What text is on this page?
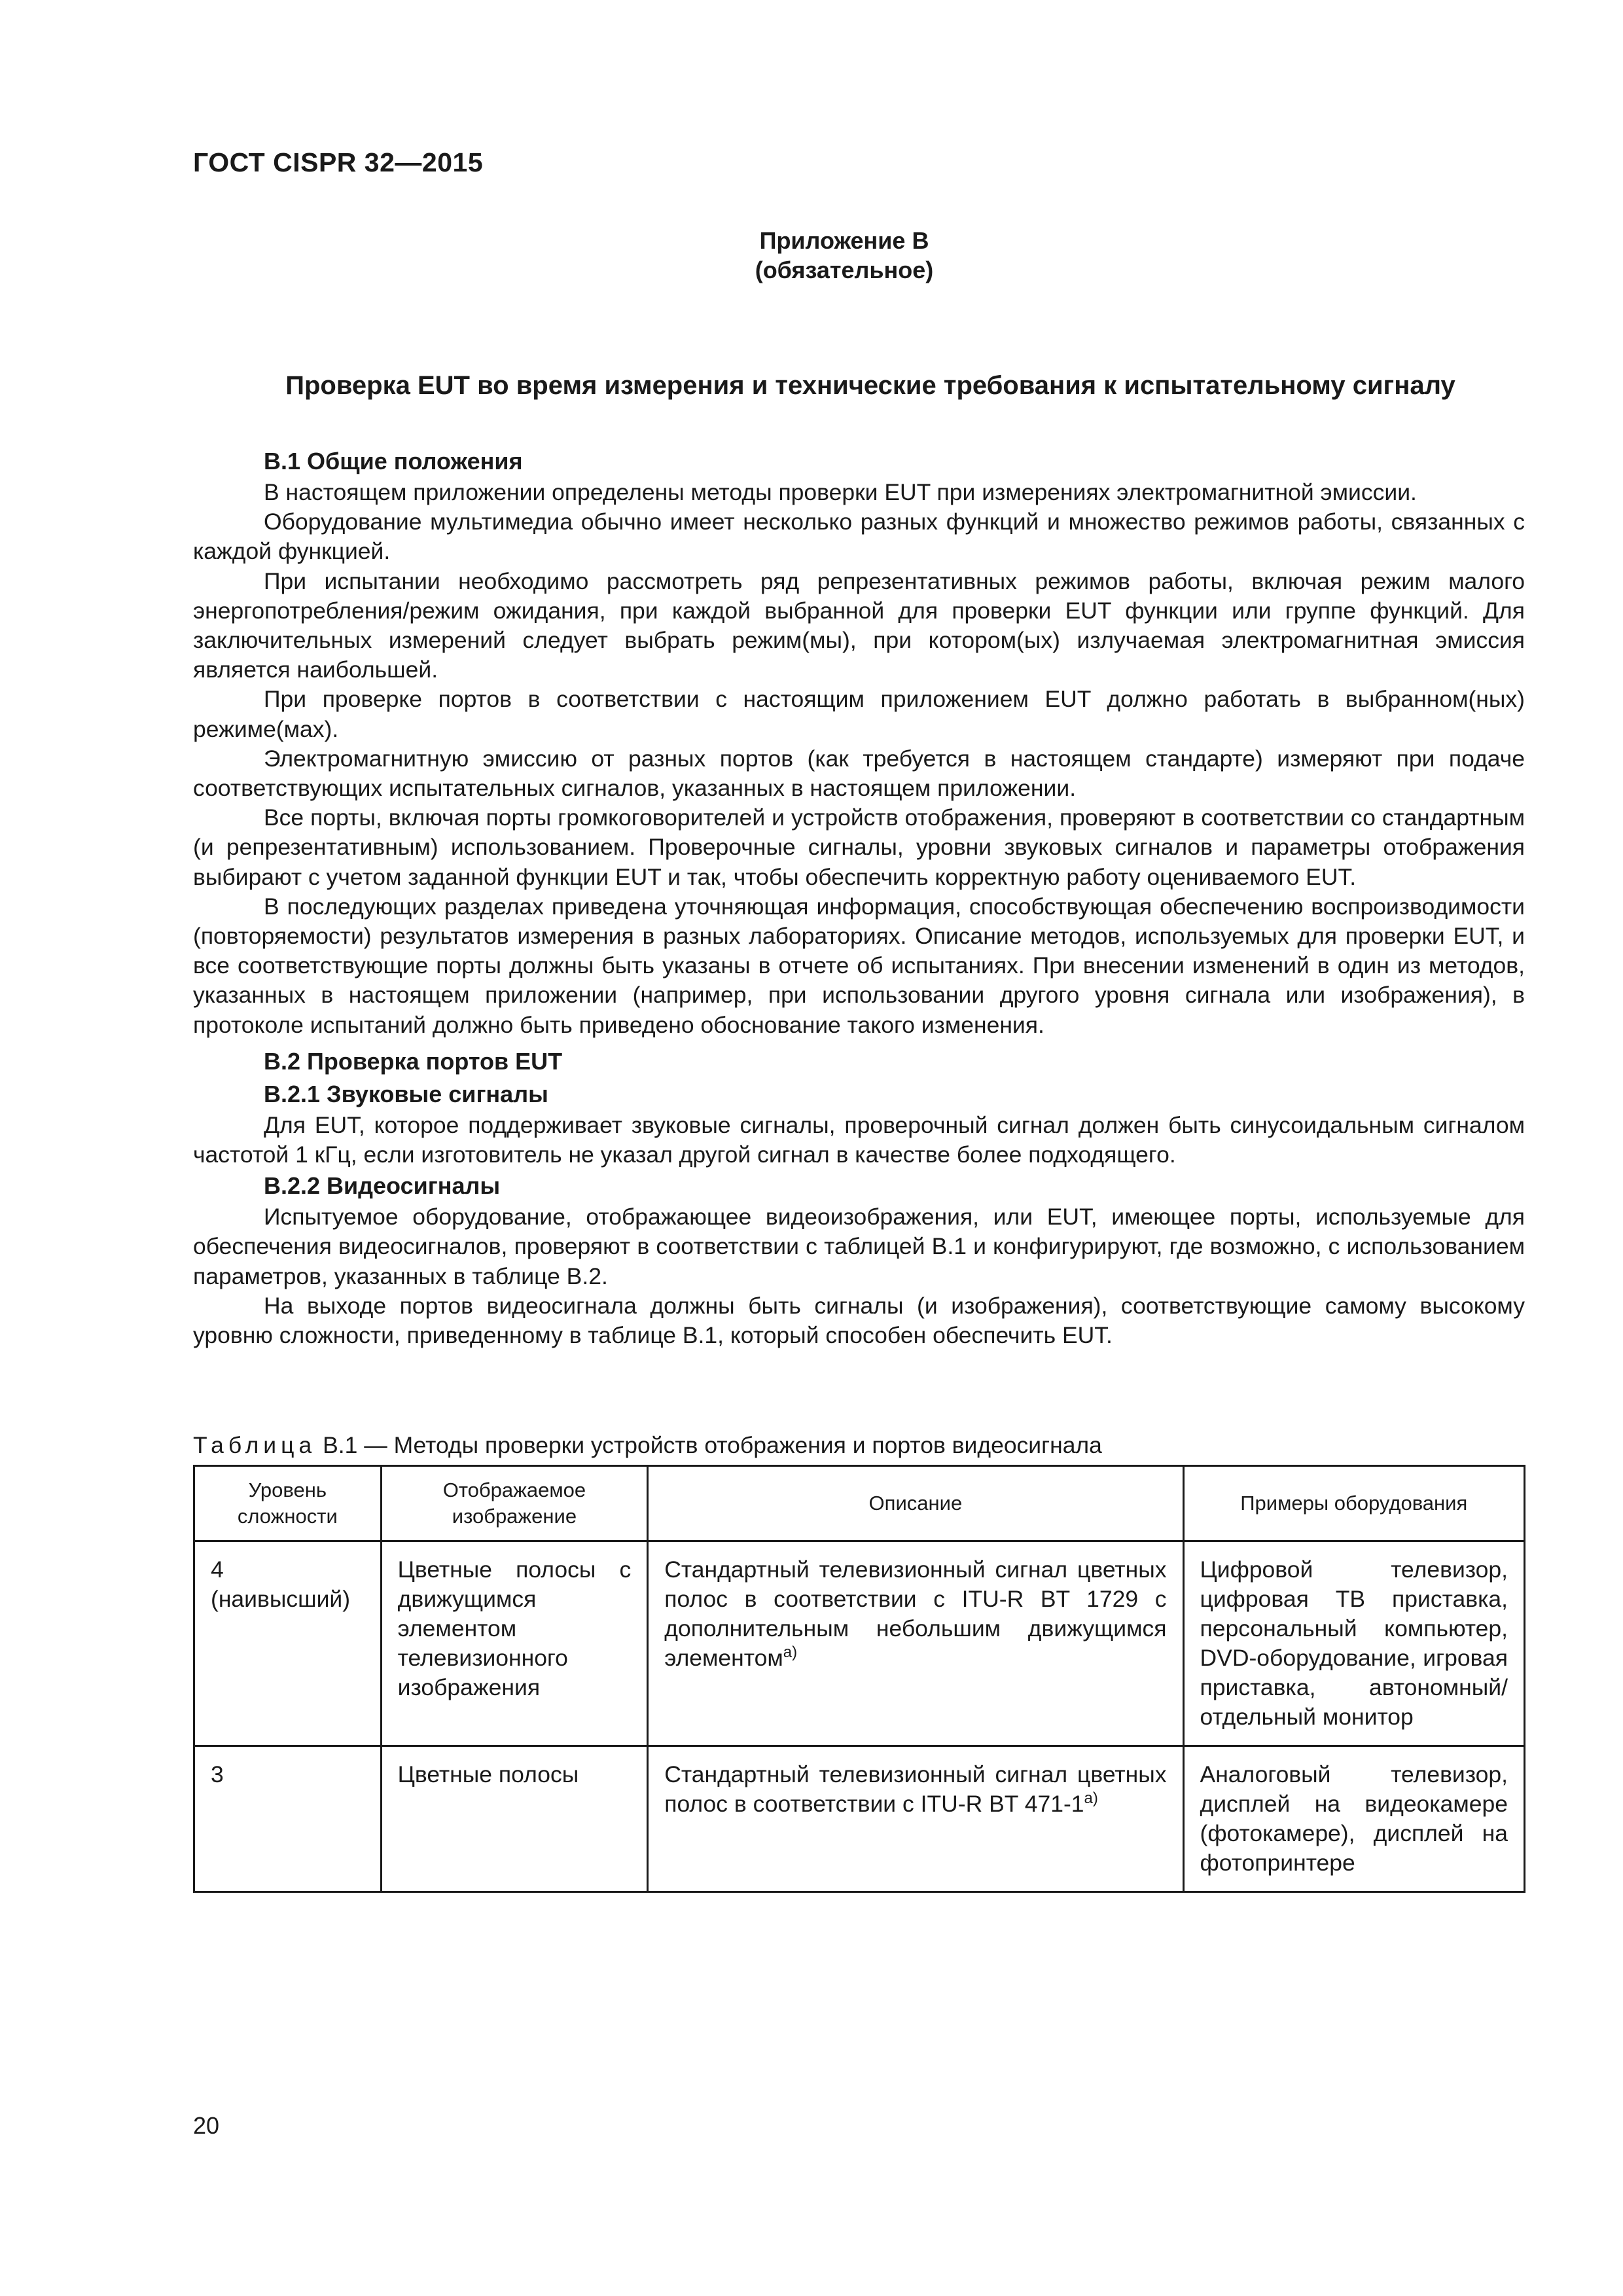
ГОСТ CISPR 32—2015
Приложение В
(обязательное)
Проверка EUT во время измерения и технические требования к испытательному сигналу
В.1 Общие положения

В настоящем приложении определены методы проверки EUT при измерениях электромагнитной эмиссии.

Оборудование мультимедиа обычно имеет несколько разных функций и множество режимов работы, связанных с каждой функцией.

При испытании необходимо рассмотреть ряд репрезентативных режимов работы, включая режим малого энергопотребления/режим ожидания, при каждой выбранной для проверки EUT функции или группе функций. Для заключительных измерений следует выбрать режим(мы), при котором(ых) излучаемая электромагнитная эмиссия является наибольшей.

При проверке портов в соответствии с настоящим приложением EUT должно работать в выбранном(ных) режиме(мах).

Электромагнитную эмиссию от разных портов (как требуется в настоящем стандарте) измеряют при подаче соответствующих испытательных сигналов, указанных в настоящем приложении.

Все порты, включая порты громкоговорителей и устройств отображения, проверяют в соответствии со стандартным (и репрезентативным) использованием. Проверочные сигналы, уровни звуковых сигналов и параметры отображения выбирают с учетом заданной функции EUT и так, чтобы обеспечить корректную работу оцениваемого EUT.

В последующих разделах приведена уточняющая информация, способствующая обеспечению воспроизводимости (повторяемости) результатов измерения в разных лабораториях. Описание методов, используемых для проверки EUT, и все соответствующие порты должны быть указаны в отчете об испытаниях. При внесении изменений в один из методов, указанных в настоящем приложении (например, при использовании другого уровня сигнала или изображения), в протоколе испытаний должно быть приведено обоснование такого изменения.

В.2 Проверка портов EUT
В.2.1 Звуковые сигналы

Для EUT, которое поддерживает звуковые сигналы, проверочный сигнал должен быть синусоидальным сигналом частотой 1 кГц, если изготовитель не указал другой сигнал в качестве более подходящего.

В.2.2 Видеосигналы

Испытуемое оборудование, отображающее видеоизображения, или EUT, имеющее порты, используемые для обеспечения видеосигналов, проверяют в соответствии с таблицей В.1 и конфигурируют, где возможно, с использованием параметров, указанных в таблице В.2.

На выходе портов видеосигнала должны быть сигналы (и изображения), соответствующие самому высокому уровню сложности, приведенному в таблице В.1, который способен обеспечить EUT.

Таблица В.1 — Методы проверки устройств отображения и портов видеосигнала
Уровень сложности	Отображаемое изображение	Описание	Примеры оборудования
4 (наивысший)	Цветные полосы с движущимся элементом телевизионного изображения	Стандартный телевизионный сигнал цветных полос в соответствии с ITU-R BT 1729 с дополнительным небольшим движущимся элементом$^{а)}$	Цифровой телевизор, цифровая ТВ приставка, персональный компьютер, DVD-оборудование, игровая приставка, автономный/отдельный монитор
3	Цветные полосы	Стандартный телевизионный сигнал цветных полос в соответствии с ITU-R BT $471-1^{а)}$	Аналоговый телевизор, дисплей на видеокамере (фотокамере), дисплей на фотопринтере
20
